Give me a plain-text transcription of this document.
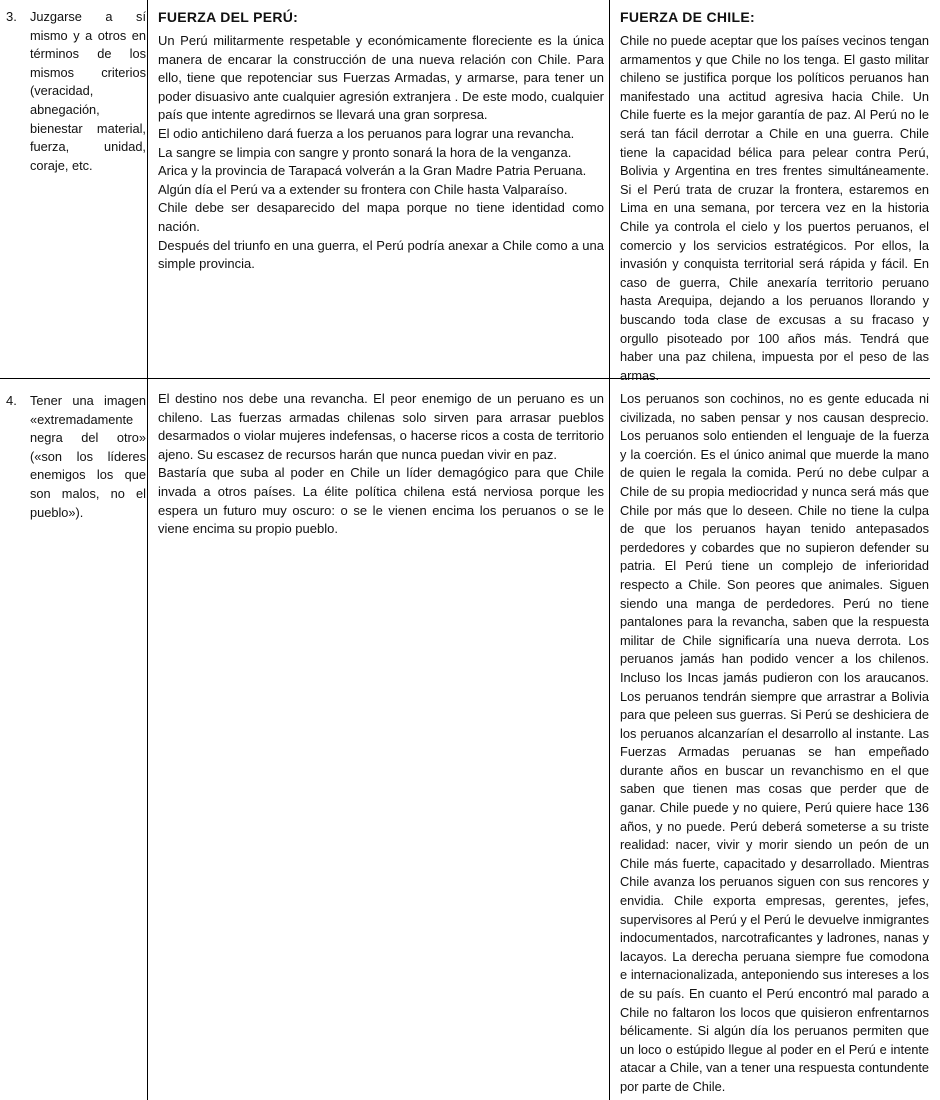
3. Juzgarse a sí mismo y a otros en términos de los mismos criterios (veracidad, abnegación, bienestar material, fuerza, unidad, coraje, etc.

FUERZA DEL PERÚ:

Un Perú militarmente respetable y económicamente floreciente es la única manera de encarar la construcción de una nueva relación con Chile. Para ello, tiene que repotenciar sus Fuerzas Armadas, y armarse, para tener un poder disuasivo ante cualquier agresión extranjera . De este modo, cualquier país que intente agredirnos se llevará una gran sorpresa.

El odio antichileno dará fuerza a los peruanos para lograr una revancha.

La sangre se limpia con sangre y pronto sonará la hora de la venganza.

Arica y la provincia de Tarapacá volverán a la Gran Madre Patria Peruana.

Algún día el Perú va a extender su frontera con Chile hasta Valparaíso.

Chile debe ser desaparecido del mapa porque no tiene identidad como nación.

Después del triunfo en una guerra, el Perú podría anexar a Chile como a una simple provincia.

FUERZA DE CHILE:

Chile no puede aceptar que los países vecinos tengan armamentos y que Chile no los tenga. El gasto militar chileno se justifica porque los políticos peruanos han manifestado una actitud agresiva hacia Chile. Un Chile fuerte es la mejor garantía de paz. Al Perú no le será tan fácil derrotar a Chile en una guerra. Chile tiene la capacidad bélica para pelear contra Perú, Bolivia y Argentina en tres frentes simultáneamente. Si el Perú trata de cruzar la frontera, estaremos en Lima en una semana, por tercera vez en la historia Chile ya controla el cielo y los puertos peruanos, el comercio y los servicios estratégicos. Por ellos, la invasión y conquista territorial será rápida y fácil. En caso de guerra, Chile anexaría territorio peruano hasta Arequipa, dejando a los peruanos llorando y buscando toda clase de excusas a su fracaso y orgullo pisoteado por 100 años más. Tendrá que haber una paz chilena, impuesta por el peso de las armas.

4. Tener una imagen «extremadamente negra del otro» («son los líderes enemigos los que son malos, no el pueblo»).

El destino nos debe una revancha. El peor enemigo de un peruano es un chileno. Las fuerzas armadas chilenas solo sirven para arrasar pueblos desarmados o violar mujeres indefensas, o hacerse ricos a costa de territorio ajeno. Su escasez de recursos harán que nunca puedan vivir en paz.

Bastaría que suba al poder en Chile un líder demagógico para que Chile invada a otros países. La élite política chilena está nerviosa porque les espera un futuro muy oscuro: o se le vienen encima los peruanos o se le viene encima su propio pueblo.

Los peruanos son cochinos, no es gente educada ni civilizada, no saben pensar y nos causan desprecio. Los peruanos solo entienden el lenguaje de la fuerza y la coerción. Es el único animal que muerde la mano de quien le regala la comida. Perú no debe culpar a Chile de su propia mediocridad y nunca será más que Chile por más que lo deseen. Chile no tiene la culpa de que los peruanos hayan tenido antepasados perdedores y cobardes que no supieron defender su patria. El Perú tiene un complejo de inferioridad respecto a Chile. Son peores que animales. Siguen siendo una manga de perdedores. Perú no tiene pantalones para la revancha, saben que la respuesta militar de Chile significaría una nueva derrota. Los peruanos jamás han podido vencer a los chilenos. Incluso los Incas jamás pudieron con los araucanos. Los peruanos tendrán siempre que arrastrar a Bolivia para que peleen sus guerras. Si Perú se deshiciera de los peruanos alcanzarían el desarrollo al instante. Las Fuerzas Armadas peruanas se han empeñado durante años en buscar un revanchismo en el que saben que tienen mas cosas que perder que de ganar. Chile puede y no quiere, Perú quiere hace 136 años, y no puede. Perú deberá someterse a su triste realidad: nacer, vivir y morir siendo un peón de un Chile más fuerte, capacitado y desarrollado. Mientras Chile avanza los peruanos siguen con sus rencores y envidia. Chile exporta empresas, gerentes, jefes, supervisores al Perú y el Perú le devuelve inmigrantes indocumentados, narcotraficantes y ladrones, nanas y lacayos. La derecha peruana siempre fue comodona e internacionalizada, anteponiendo sus intereses a los de su país. En cuanto el Perú encontró mal parado a Chile no faltaron los locos que quisieron enfrentarnos bélicamente. Si algún día los peruanos permiten que un loco o estúpido llegue al poder en el Perú e intente atacar a Chile, van a tener una respuesta contundente por parte de Chile.
